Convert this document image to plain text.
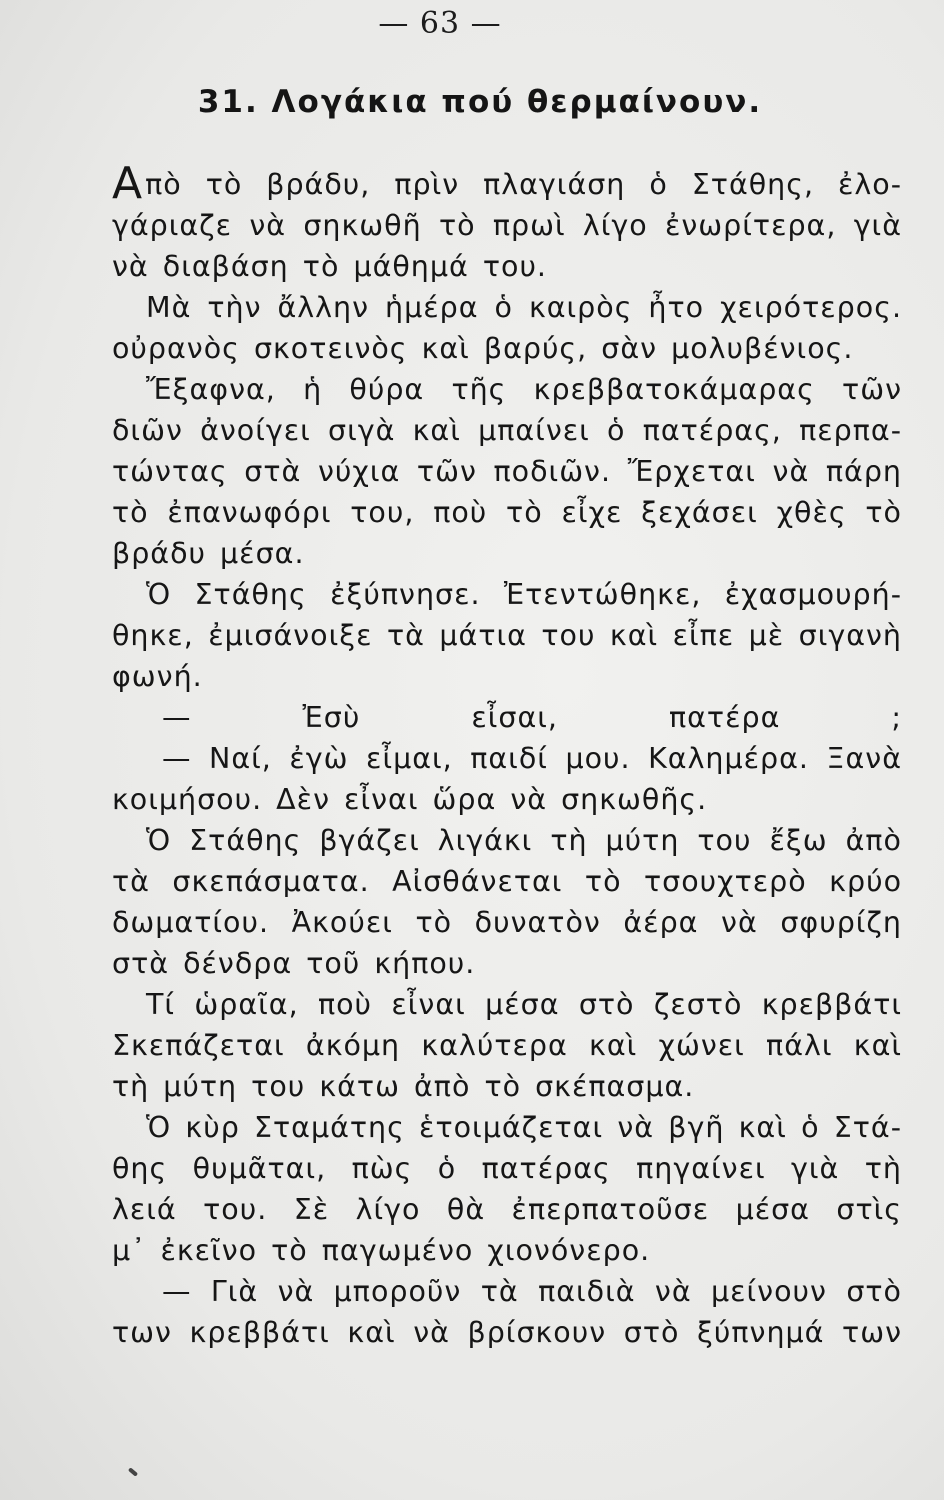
— 63 —
31. Λογάκια πού θερμαίνουν.
Απὸ τὸ βράδυ, πρὶν πλαγιάση ὁ Στάθης, ἐλο-
γάριαζε νὰ σηκωθῆ τὸ πρωὶ λίγο ἐνωρίτερα, γιὰ
νὰ διαβάση τὸ μάθημά του.
Μὰ τὴν ἄλλην ἡμέρα ὁ καιρὸς ἦτο χειρότερος.
οὐρανὸς σκοτεινὸς καὶ βαρύς, σὰν μολυβένιος.
Ἔξαφνα, ἡ θύρα τῆς κρεββατοκάμαρας τῶν
διῶν ἀνοίγει σιγὰ καὶ μπαίνει ὁ πατέρας, περπα-
τώντας στὰ νύχια τῶν ποδιῶν. Ἔρχεται νὰ πάρη
τὸ ἐπανωφόρι του, ποὺ τὸ εἶχε ξεχάσει χθὲς τὸ
βράδυ μέσα.
Ὁ Στάθης ἐξύπνησε. Ἐτεντώθηκε, ἐχασμουρή-
θηκε, ἐμισάνοιξε τὰ μάτια του καὶ εἶπε μὲ σιγανὴ
φωνή.
— Ἐσὺ εἶσαι, πατέρα ;
— Ναί, ἐγὼ εἶμαι, παιδί μου. Καλημέρα. Ξανὰ
κοιμήσου. Δὲν εἶναι ὥρα νὰ σηκωθῆς.
Ὁ Στάθης βγάζει λιγάκι τὴ μύτη του ἔξω ἀπὸ
τὰ σκεπάσματα. Αἰσθάνεται τὸ τσουχτερὸ κρύο
δωματίου. Ἀκούει τὸ δυνατὸν ἀέρα νὰ σφυρίζη
στὰ δένδρα τοῦ κήπου.
Τί ὡραῖα, ποὺ εἶναι μέσα στὸ ζεστὸ κρεββάτι
Σκεπάζεται ἀκόμη καλύτερα καὶ χώνει πάλι καὶ
τὴ μύτη του κάτω ἀπὸ τὸ σκέπασμα.
Ὁ κὺρ Σταμάτης ἑτοιμάζεται νὰ βγῆ καὶ ὁ Στά-
θης θυμᾶται, πὼς ὁ πατέρας πηγαίνει γιὰ τὴ
λειά του. Σὲ λίγο θὰ ἐπερπατοῦσε μέσα στὶς
μ᾽ ἐκεῖνο τὸ παγωμένο χιονόνερο.
— Γιὰ νὰ μποροῦν τὰ παιδιὰ νὰ μείνουν στὸ
των κρεββάτι καὶ νὰ βρίσκουν στὸ ξύπνημά των
